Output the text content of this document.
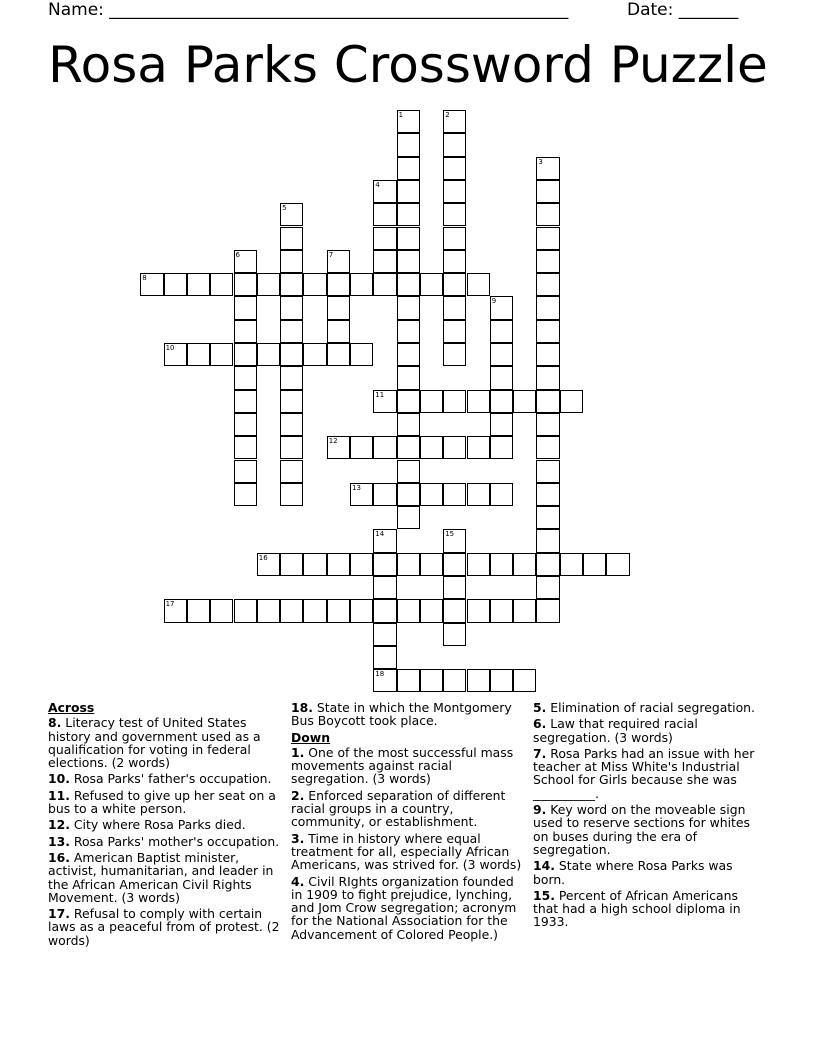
Name: ______________________________________________________	Date: _______
Rosa Parks Crossword Puzzle
1	2
3
4
5
6	7
8
9
10
11
12
13
14	15
16
17
18
Across
8. Literacy test of United States history and government used as a qualification for voting in federal elections. (2 words)
10. Rosa Parks' father's occupation.
11. Refused to give up her seat on a bus to a white person.
12. City where Rosa Parks died.
13. Rosa Parks' mother's occupation.
16. American Baptist minister, activist, humanitarian, and leader in the African American Civil Rights Movement. (3 words)
17. Refusal to comply with certain laws as a peaceful from of protest. (2 words)
18. State in which the Montgomery Bus Boycott took place.
Down
1. One of the most successful mass movements against racial segregation. (3 words)
2. Enforced separation of different racial groups in a country, community, or establishment.
3. Time in history where equal treatment for all, especially African Americans, was strived for. (3 words)
4. Civil RIghts organization founded in 1909 to fight prejudice, lynching, and Jom Crow segregation; acronym for the National Association for the Advancement of Colored People.)
5. Elimination of racial segregation.
6. Law that required racial segregation. (3 words)
7. Rosa Parks had an issue with her teacher at Miss White's Industrial School for Girls because she was __________.
9. Key word on the moveable sign used to reserve sections for whites on buses during the era of segregation.
14. State where Rosa Parks was born.
15. Percent of African Americans that had a high school diploma in 1933.
